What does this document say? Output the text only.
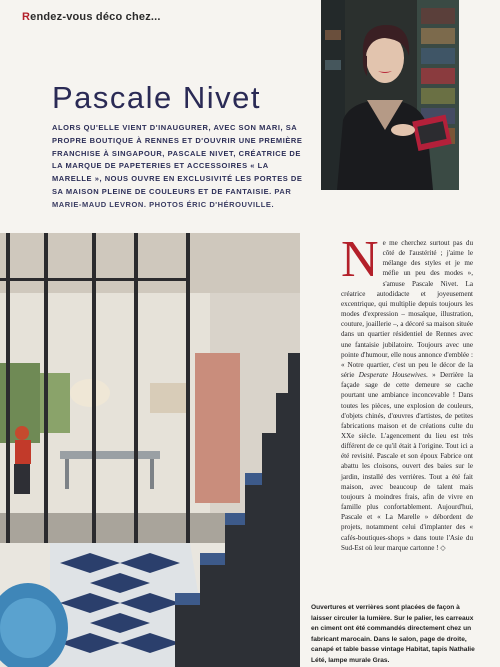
Rendez-vous déco chez...
Pascale Nivet

ALORS QU'ELLE VIENT D'INAUGURER, AVEC SON MARI, SA PROPRE BOUTIQUE À RENNES ET D'OUVRIR UNE PREMIÈRE FRANCHISE À SINGAPOUR, PASCALE NIVET, CRÉATRICE DE LA MARQUE DE PAPETERIES ET ACCESSOIRES « LA MARELLE », NOUS OUVRE EN EXCLUSIVITÉ LES PORTES DE SA MAISON PLEINE DE COULEURS ET DE FANTAISIE. PAR MARIE-MAUD LEVRON. PHOTOS ÉRIC D'HÉROUVILLE.

Ne me cherchez surtout pas du côté de l'austérité ; j'aime le mélange des styles et je me méfie un peu des modes », s'amuse Pascale Nivet. La créatrice autodidacte et joyeusement excentrique, qui multiplie depuis toujours les modes d'expression – mosaïque, illustration, couture, joaillerie –, a décoré sa maison située dans un quartier résidentiel de Rennes avec une fantaisie jubilatoire. Toujours avec une pointe d'humour, elle nous annonce d'emblée : « Notre quartier, c'est un peu le décor de la série Desperate Housewives. » Derrière la façade sage de cette demeure se cache pourtant une ambiance inconcevable ! Dans toutes les pièces, une explosion de couleurs, d'objets chinés, d'œuvres d'artistes, de petites fabrications maison et de créations culte du XXe siècle. L'agencement du lieu est très différent de ce qu'il était à l'origine. Tout ici a été revisité. Pascale et son époux Fabrice ont abattu les cloisons, ouvert des baies sur le jardin, installé des verrières. Tout a été fait maison, avec beaucoup de talent mais toujours à moindres frais, afin de vivre en famille plus confortablement. Aujourd'hui, Pascale et « La Marelle » débordent de projets, notamment celui d'implanter des « cafés-boutiques-shops » dans toute l'Asie du Sud-Est où leur marque cartonne ! ◇

Ouvertures et verrières sont placées de façon à laisser circuler la lumière. Sur le palier, les carreaux en ciment ont été commandés directement chez un fabricant marocain. Dans le salon, page de droite, canapé et table basse vintage Habitat, tapis Nathalie Lété, lampe murale Gras.
